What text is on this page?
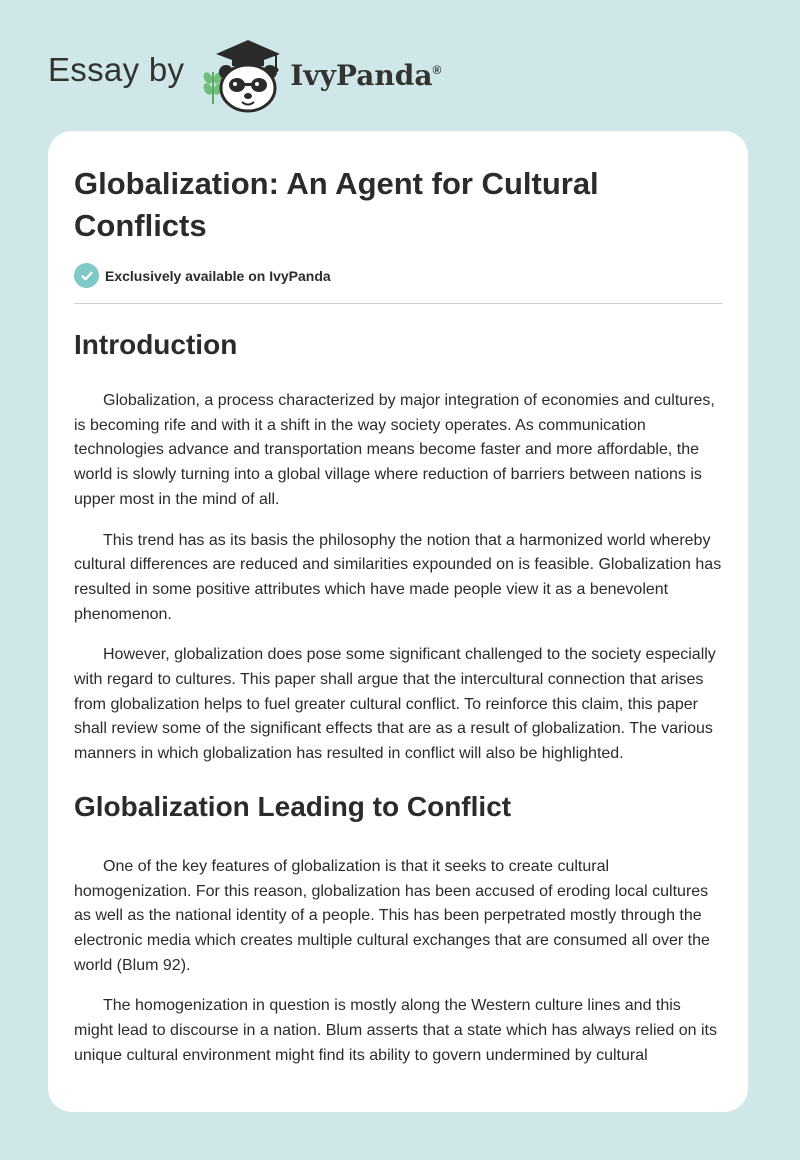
Essay by	IvyPanda®
Globalization: An Agent for Cultural Conflicts
Exclusively available on IvyPanda
Introduction

Globalization, a process characterized by major integration of economies and cultures, is becoming rife and with it a shift in the way society operates. As communication technologies advance and transportation means become faster and more affordable, the world is slowly turning into a global village where reduction of barriers between nations is upper most in the mind of all.

This trend has as its basis the philosophy the notion that a harmonized world whereby cultural differences are reduced and similarities expounded on is feasible. Globalization has resulted in some positive attributes which have made people view it as a benevolent phenomenon.

However, globalization does pose some significant challenged to the society especially with regard to cultures. This paper shall argue that the intercultural connection that arises from globalization helps to fuel greater cultural conflict. To reinforce this claim, this paper shall review some of the significant effects that are as a result of globalization. The various manners in which globalization has resulted in conflict will also be highlighted.

Globalization Leading to Conflict

One of the key features of globalization is that it seeks to create cultural homogenization. For this reason, globalization has been accused of eroding local cultures as well as the national identity of a people. This has been perpetrated mostly through the electronic media which creates multiple cultural exchanges that are consumed all over the world (Blum 92).

The homogenization in question is mostly along the Western culture lines and this might lead to discourse in a nation. Blum asserts that a state which has always relied on its unique cultural environment might find its ability to govern undermined by cultural
